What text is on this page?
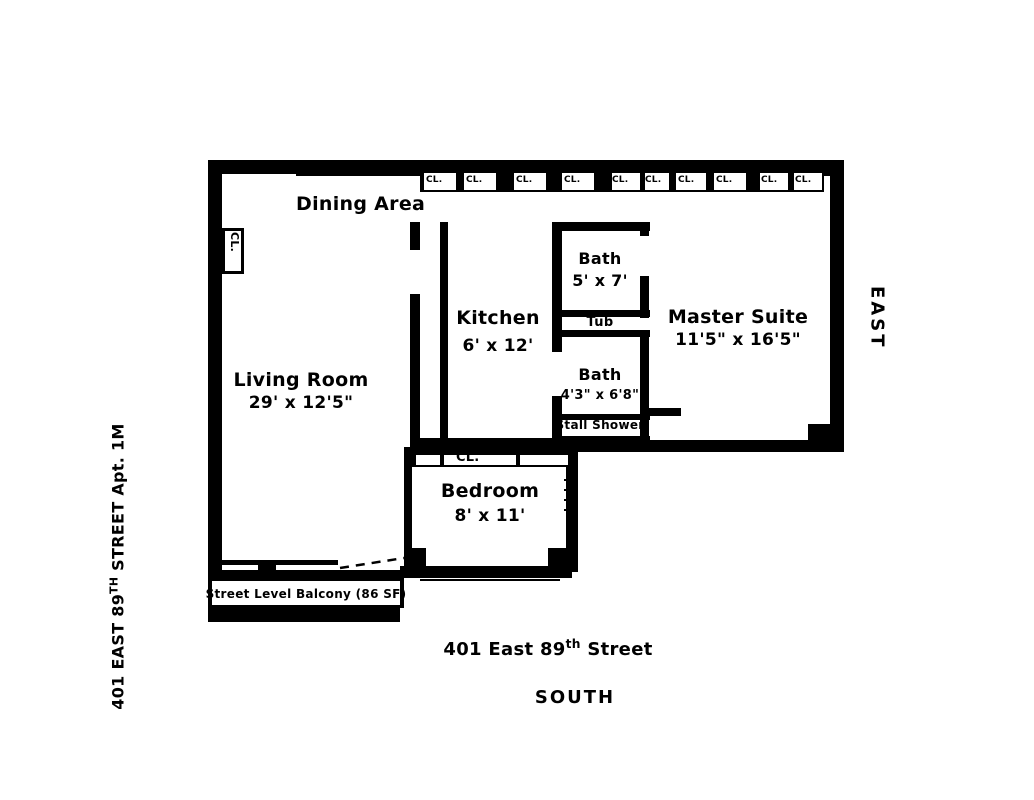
Dining Area
Living Room
29' x 12'5"
Kitchen
6' x 12'
Bath
5' x 7'
Tub
Bath
4'3" x 6'8"
Stall Shower
Master Suite
11'5" x 16'5"
Bedroom
8' x 11'
Street Level Balcony (86 SF)
CL.
CL.
CL.	CL.	CL.	CL.	CL. CL. CL. CL.	CL. CL.
401 East 89th Street
SOUTH
EAST
401 EAST 89TH STREET Apt. 1M
